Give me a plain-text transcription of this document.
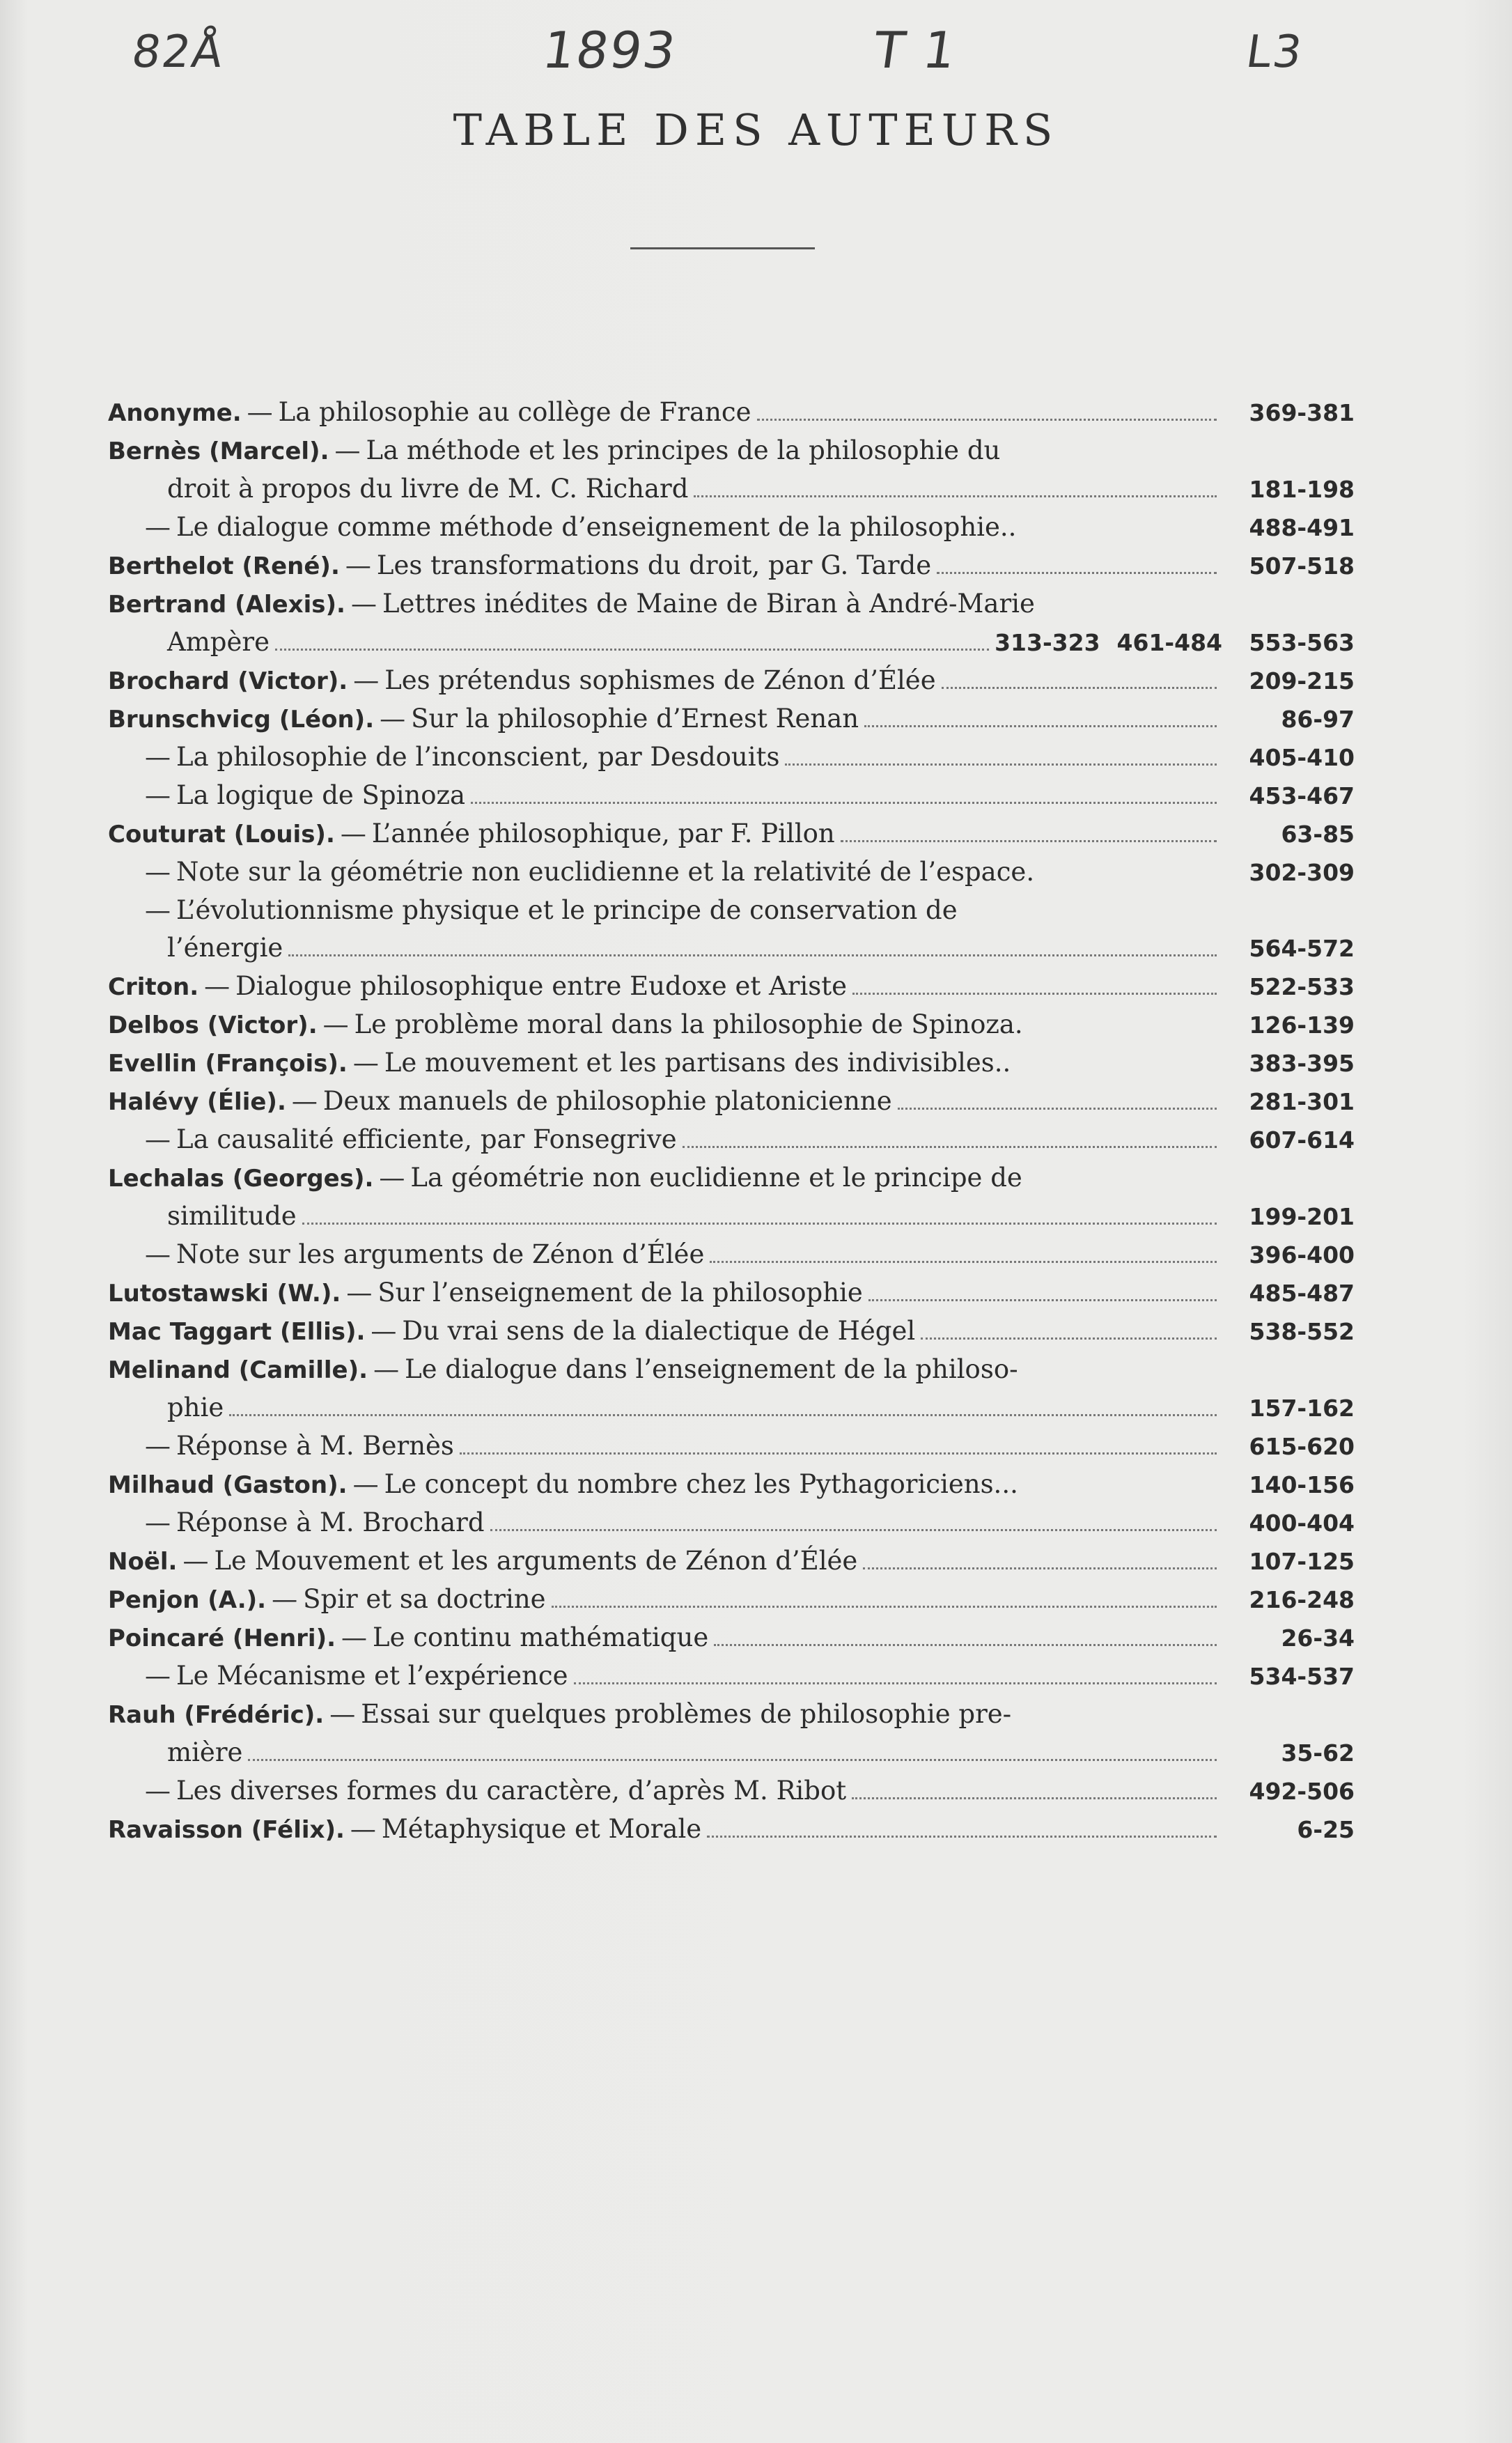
82Å	1893	T 1	L3
TABLE DES AUTEURS
Anonyme. — La philosophie au collège de France	369-381
Bernès (Marcel). — La méthode et les principes de la philosophie du
droit à propos du livre de M. C. Richard	181-198
— Le dialogue comme méthode d’enseignement de la philosophie..	488-491
Berthelot (René). — Les transformations du droit, par G. Tarde	507-518
Bertrand (Alexis). — Lettres inédites de Maine de Biran à André-Marie
Ampère	313-323 461-484	553-563
Brochard (Victor). — Les prétendus sophismes de Zénon d’Élée	209-215
Brunschvicg (Léon). — Sur la philosophie d’Ernest Renan	86-97
— La philosophie de l’inconscient, par Desdouits	405-410
— La logique de Spinoza	453-467
Couturat (Louis). — L’année philosophique, par F. Pillon	63-85
— Note sur la géométrie non euclidienne et la relativité de l’espace.	302-309
— L’évolutionnisme physique et le principe de conservation de
l’énergie	564-572
Criton. — Dialogue philosophique entre Eudoxe et Ariste	522-533
Delbos (Victor). — Le problème moral dans la philosophie de Spinoza.	126-139
Evellin (François). — Le mouvement et les partisans des indivisibles..	383-395
Halévy (Élie). — Deux manuels de philosophie platonicienne	281-301
— La causalité efficiente, par Fonsegrive	607-614
Lechalas (Georges). — La géométrie non euclidienne et le principe de
similitude	199-201
— Note sur les arguments de Zénon d’Élée	396-400
Lutostawski (W.). — Sur l’enseignement de la philosophie	485-487
Mac Taggart (Ellis). — Du vrai sens de la dialectique de Hégel	538-552
Melinand (Camille). — Le dialogue dans l’enseignement de la philoso-
phie	157-162
— Réponse à M. Bernès	615-620
Milhaud (Gaston). — Le concept du nombre chez les Pythagoriciens...	140-156
— Réponse à M. Brochard	400-404
Noël. — Le Mouvement et les arguments de Zénon d’Élée	107-125
Penjon (A.). — Spir et sa doctrine	216-248
Poincaré (Henri). — Le continu mathématique	26-34
— Le Mécanisme et l’expérience	534-537
Rauh (Frédéric). — Essai sur quelques problèmes de philosophie pre-
mière	35-62
— Les diverses formes du caractère, d’après M. Ribot	492-506
Ravaisson (Félix). — Métaphysique et Morale	6-25
